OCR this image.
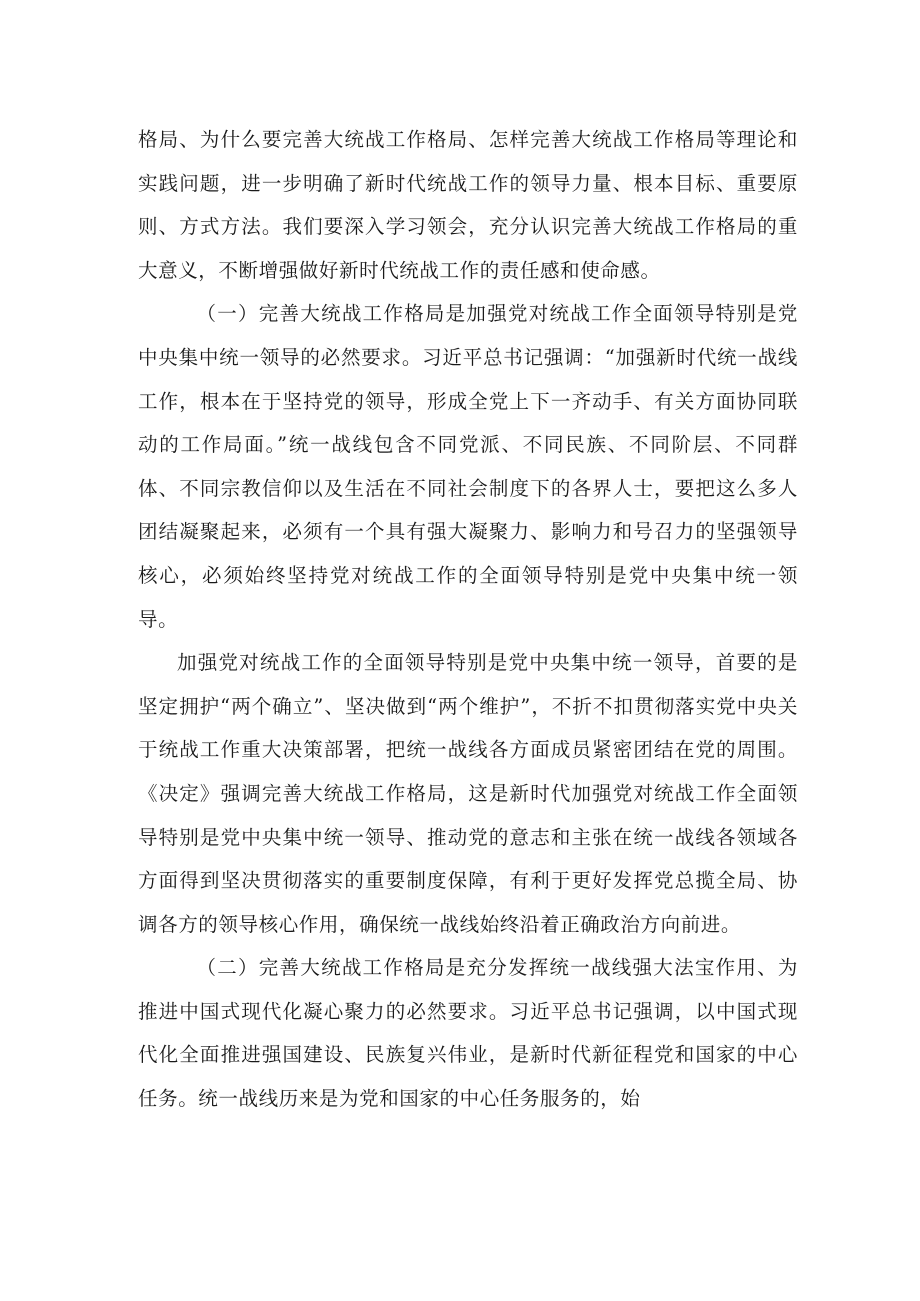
格局、为什么要完善大统战工作格局、怎样完善大统战工作格局等理论和实践问题，进一步明确了新时代统战工作的领导力量、根本目标、重要原则、方式方法。我们要深入学习领会，充分认识完善大统战工作格局的重大意义，不断增强做好新时代统战工作的责任感和使命感。

（一）完善大统战工作格局是加强党对统战工作全面领导特别是党中央集中统一领导的必然要求。习近平总书记强调：“加强新时代统一战线工作，根本在于坚持党的领导，形成全党上下一齐动手、有关方面协同联动的工作局面。”统一战线包含不同党派、不同民族、不同阶层、不同群体、不同宗教信仰以及生活在不同社会制度下的各界人士，要把这么多人团结凝聚起来，必须有一个具有强大凝聚力、影响力和号召力的坚强领导核心，必须始终坚持党对统战工作的全面领导特别是党中央集中统一领导。

加强党对统战工作的全面领导特别是党中央集中统一领导，首要的是坚定拥护“两个确立”、坚决做到“两个维护”，不折不扣贯彻落实党中央关于统战工作重大决策部署，把统一战线各方面成员紧密团结在党的周围。《决定》强调完善大统战工作格局，这是新时代加强党对统战工作全面领导特别是党中央集中统一领导、推动党的意志和主张在统一战线各领域各方面得到坚决贯彻落实的重要制度保障，有利于更好发挥党总揽全局、协调各方的领导核心作用，确保统一战线始终沿着正确政治方向前进。

（二）完善大统战工作格局是充分发挥统一战线强大法宝作用、为推进中国式现代化凝心聚力的必然要求。习近平总书记强调，以中国式现代化全面推进强国建设、民族复兴伟业，是新时代新征程党和国家的中心任务。统一战线历来是为党和国家的中心任务服务的，始
